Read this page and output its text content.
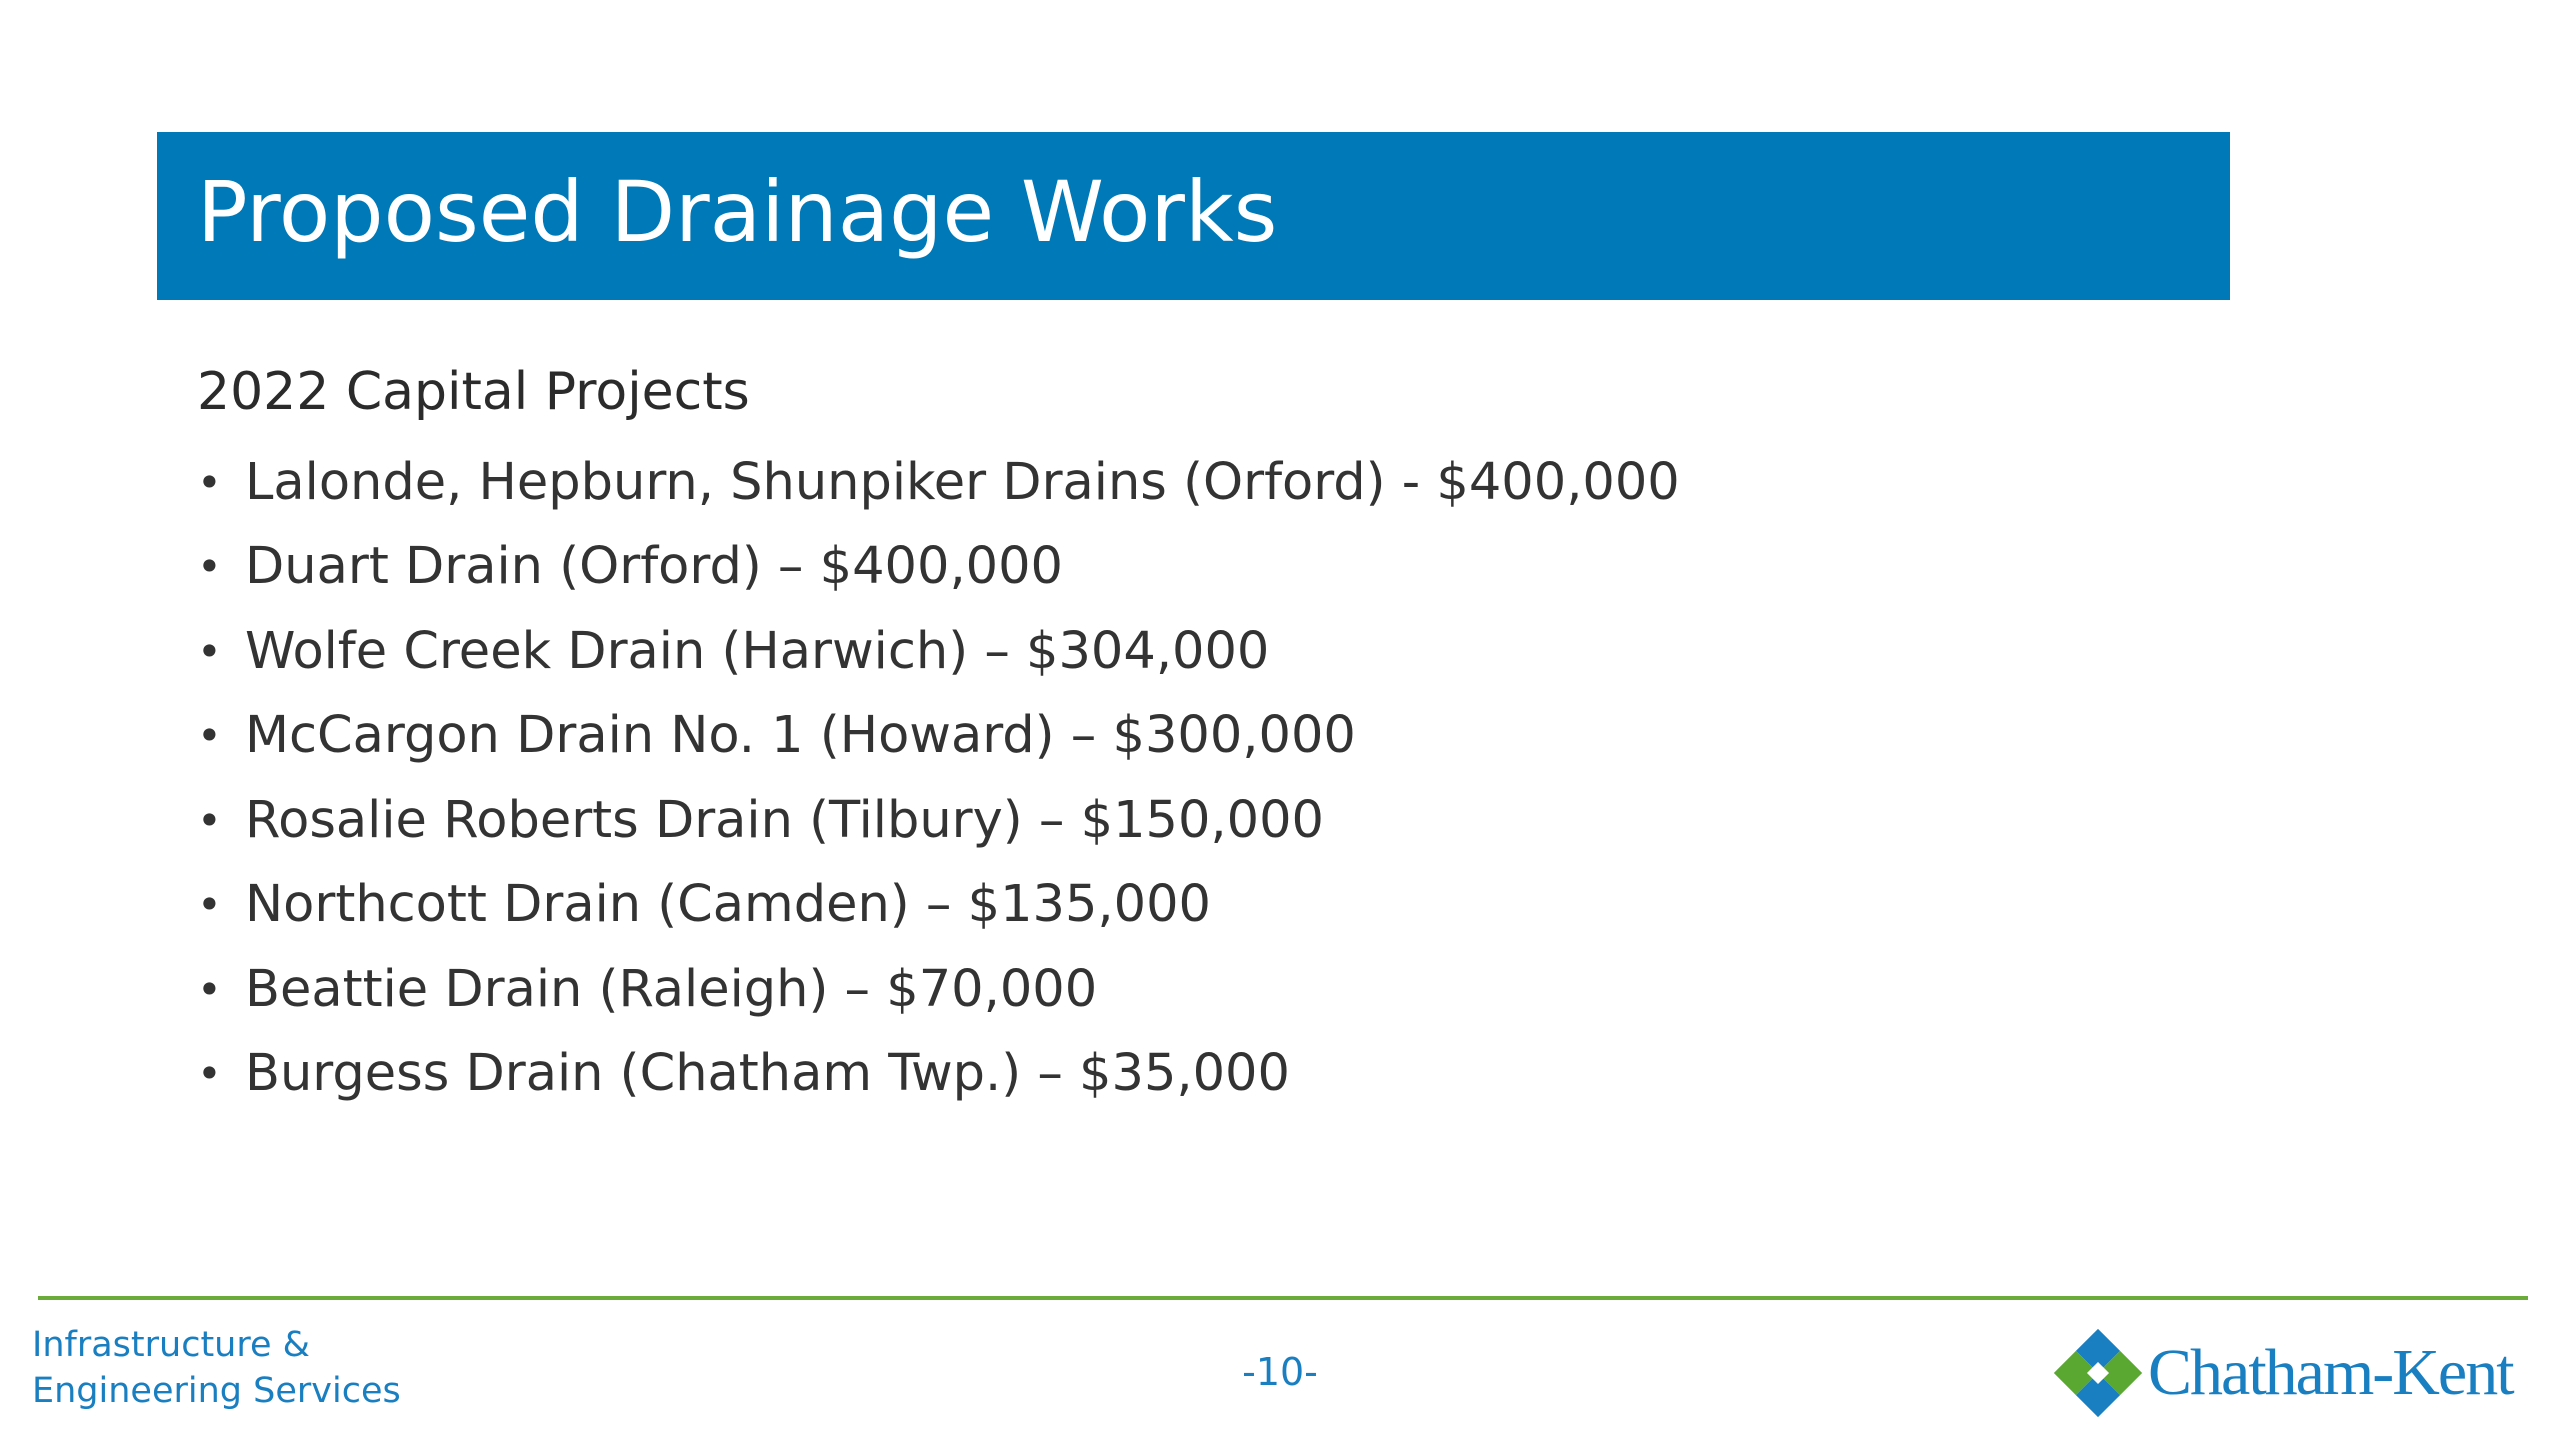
Proposed Drainage Works
2022 Capital Projects
• Lalonde, Hepburn, Shunpiker Drains (Orford) - $400,000
• Duart Drain (Orford) – $400,000
• Wolfe Creek Drain (Harwich) – $304,000
• McCargon Drain No. 1 (Howard) – $300,000
• Rosalie Roberts Drain (Tilbury) – $150,000
• Northcott Drain (Camden) – $135,000
• Beattie Drain (Raleigh) – $70,000
• Burgess Drain (Chatham Twp.) – $35,000
Infrastructure &
Engineering Services	-10-	Chatham-Kent
